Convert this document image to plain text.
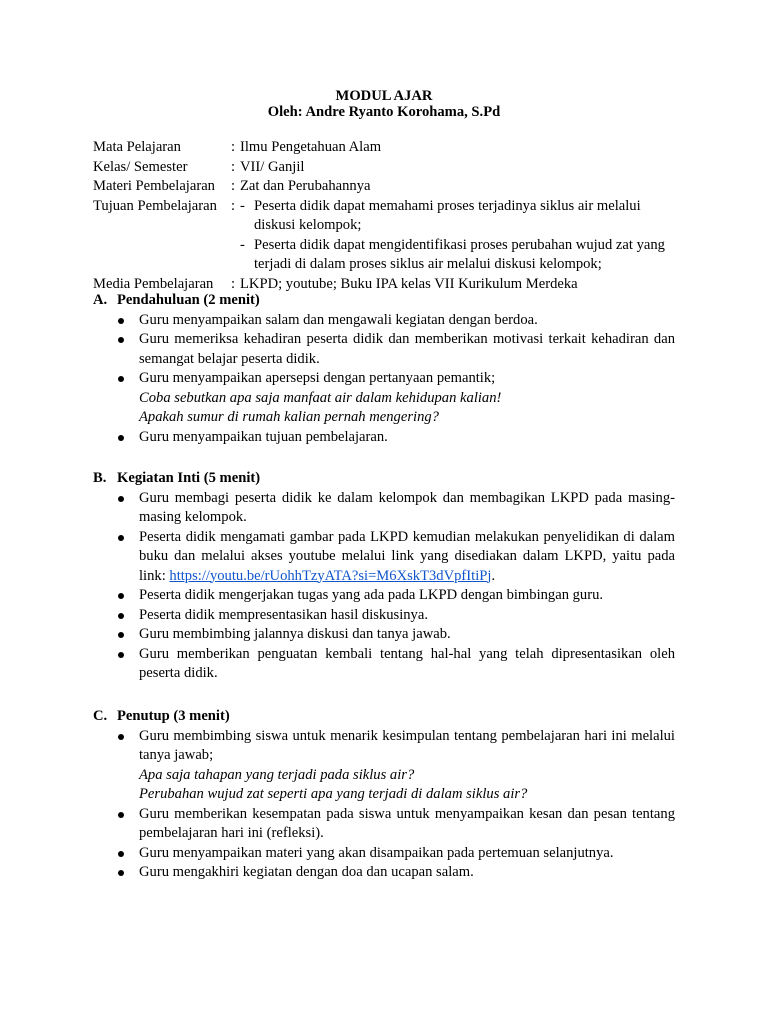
MODUL AJAR
Oleh: Andre Ryanto Korohama, S.Pd
Mata Pelajaran	: Ilmu Pengetahuan Alam
Kelas/ Semester	: VII/ Ganjil
Materi Pembelajaran	: Zat dan Perubahannya
Tujuan Pembelajaran : - Peserta didik dapat memahami proses terjadinya siklus air melalui diskusi kelompok;
- Peserta didik dapat mengidentifikasi proses perubahan wujud zat yang terjadi di dalam proses siklus air melalui diskusi kelompok;
Media Pembelajaran	: LKPD; youtube; Buku IPA kelas VII Kurikulum Merdeka
A. Pendahuluan (2 menit)
Guru menyampaikan salam dan mengawali kegiatan dengan berdoa.
Guru memeriksa kehadiran peserta didik dan memberikan motivasi terkait kehadiran dan semangat belajar peserta didik.
Guru menyampaikan apersepsi dengan pertanyaan pemantik;
Coba sebutkan apa saja manfaat air dalam kehidupan kalian!
Apakah sumur di rumah kalian pernah mengering?
Guru menyampaikan tujuan pembelajaran.
B. Kegiatan Inti (5 menit)
Guru membagi peserta didik ke dalam kelompok dan membagikan LKPD pada masing-masing kelompok.
Peserta didik mengamati gambar pada LKPD kemudian melakukan penyelidikan di dalam buku dan melalui akses youtube melalui link yang disediakan dalam LKPD, yaitu pada link: https://youtu.be/rUohhTzyATA?si=M6XskT3dVpfItiPj.
Peserta didik mengerjakan tugas yang ada pada LKPD dengan bimbingan guru.
Peserta didik mempresentasikan hasil diskusinya.
Guru membimbing jalannya diskusi dan tanya jawab.
Guru memberikan penguatan kembali tentang hal-hal yang telah dipresentasikan oleh peserta didik.
C. Penutup (3 menit)
Guru membimbing siswa untuk menarik kesimpulan tentang pembelajaran hari ini melalui tanya jawab;
Apa saja tahapan yang terjadi pada siklus air?
Perubahan wujud zat seperti apa yang terjadi di dalam siklus air?
Guru memberikan kesempatan pada siswa untuk menyampaikan kesan dan pesan tentang pembelajaran hari ini (refleksi).
Guru menyampaikan materi yang akan disampaikan pada pertemuan selanjutnya.
Guru mengakhiri kegiatan dengan doa dan ucapan salam.
